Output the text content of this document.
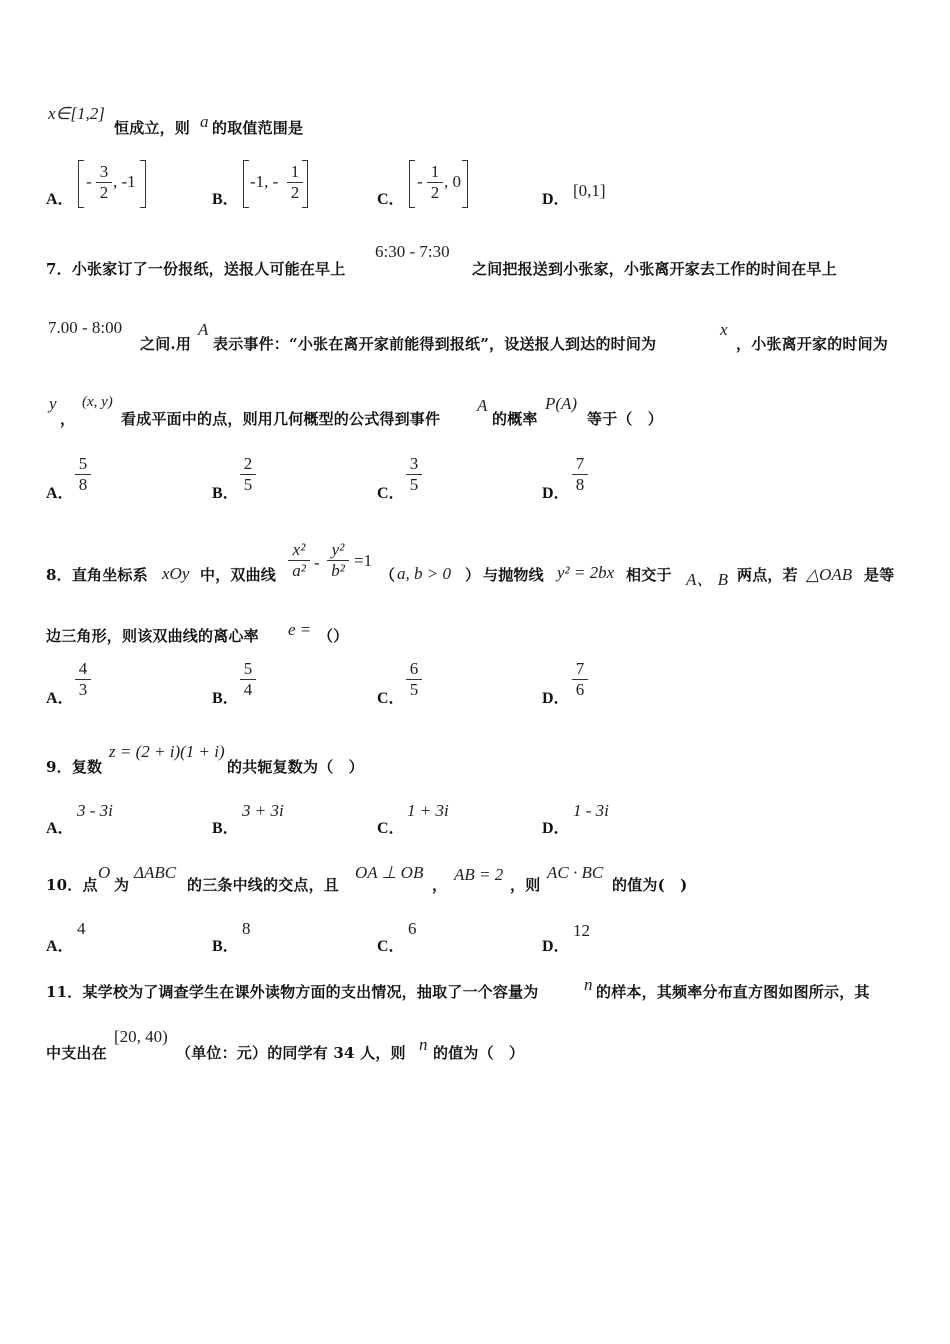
x∈[1,2]
恒成立，则 a 的取值范围是
A．
- $\frac{3}{2}$ , -1
B．
-1, - $\frac{1}{2}$	C．
- $\frac{1}{2}$ , 0
D． [0,1]
7．小张家订了一份报纸，送报人可能在早上
6:30 - 7:30
之间把报送到小张家，小张离开家去工作的时间在早上
7.00 - 8:00
之间.用
A
表示事件：“小张在离开家前能得到报纸”，设送报人到达的时间为
x
，小张离开家的时间为
y
，
(x, y)
看成平面中的点，则用几何概型的公式得到事件
A
的概率
P(A)
等于（　）
A． $\frac{5}{8}$	B． $\frac{2}{5}$	C． $\frac{3}{5}$	D． $\frac{7}{8}$
8．直角坐标系 xOy 中，双曲线 $\frac{\text{x²}}{\text{a²}} - \frac{\text{y²}}{\text{b²}} =1$
（ a, b > 0 ） 与抛物线 y² = 2bx 相交于 A、 B 两点，若 △OAB 是等
边三角形，则该双曲线的离心率 e = （）
A． $\frac{4}{3}$	B． $\frac{5}{4}$	C． $\frac{6}{5}$	D． $\frac{7}{6}$
9．复数
z = (2 + i)(1 + i)
的共轭复数为（　）
A．
3 - 3i
B．
3 + 3i
C．
1 + 3i
D．
1 - 3i
10．点
O
为
ΔABC
的三条中线的交点，且
OA ⊥ OB
，
AB = 2
，则
AC · BC
的值为(　)
A．
4
B．
8
C．
6
D．
12
11．某学校为了调查学生在课外读物方面的支出情况，抽取了一个容量为	n 的样本，其频率分布直方图如图所示，其
中支出在
[20, 40)
（单位：元）的同学有 34 人，则 n 的值为（　）
